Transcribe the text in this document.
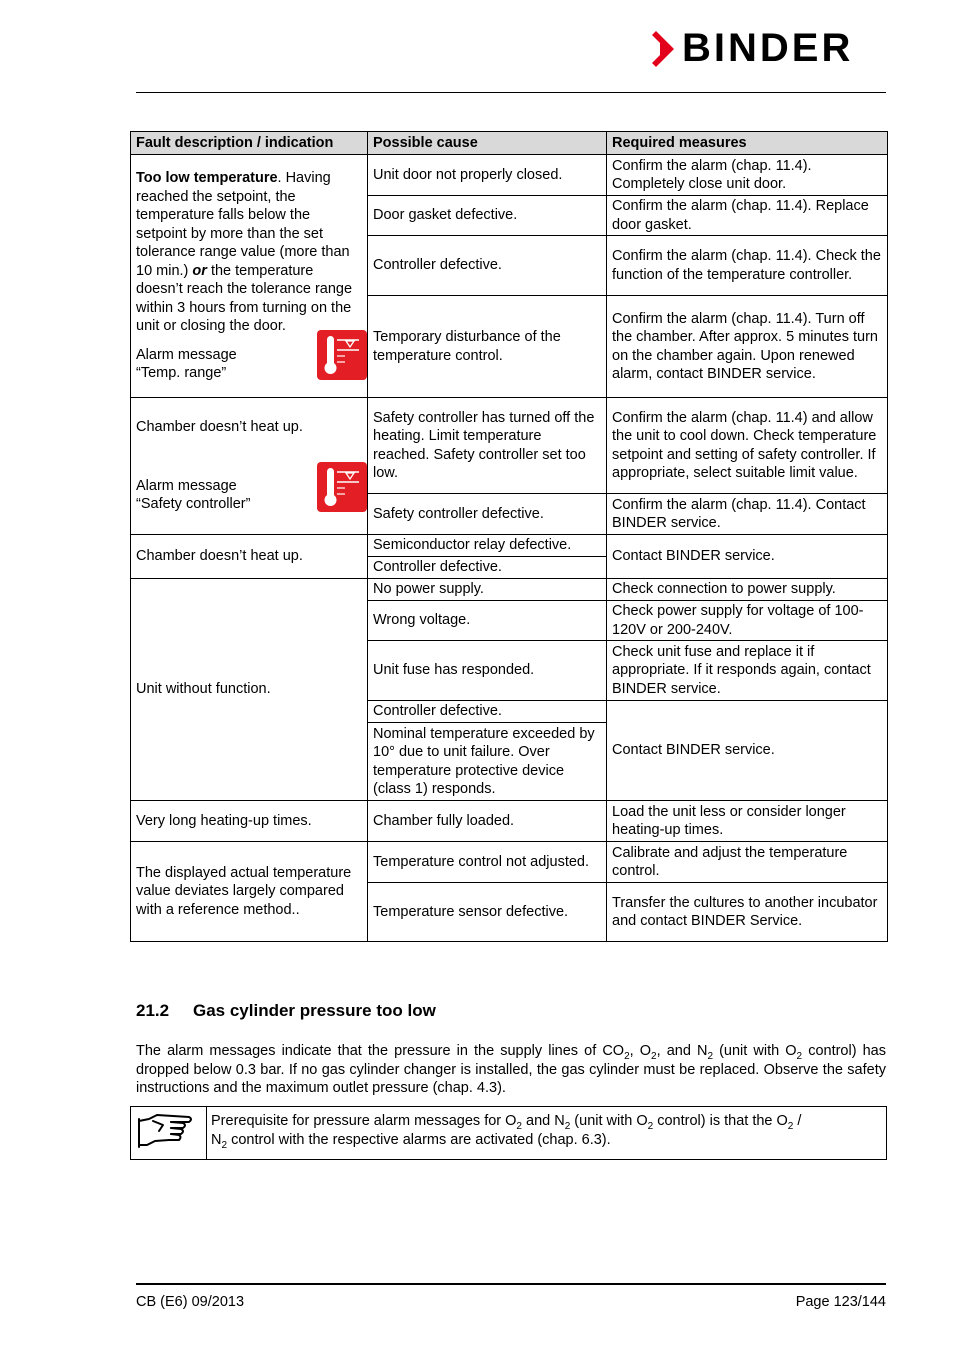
BINDER
Fault description / indication	Possible cause	Required measures

Too low temperature. Having reached the setpoint, the temperature falls below the setpoint by more than the set tolerance range value (more than 10 min.) or the temperature doesn’t reach the tolerance range within 3 hours from turning on the unit or closing the door.
Alarm message
“Temp. range”	Unit door not properly closed.	Confirm the alarm (chap. 11.4). Completely close unit door.
	Door gasket defective.	Confirm the alarm (chap. 11.4). Replace door gasket.
	Controller defective.	Confirm the alarm (chap. 11.4). Check the function of the temperature controller.
	Temporary disturbance of the temperature control.	Confirm the alarm (chap. 11.4). Turn off the chamber. After approx. 5 minutes turn on the chamber again. Upon renewed alarm, contact BINDER service.

Chamber doesn’t heat up.
Alarm message
“Safety controller”	Safety controller has turned off the heating. Limit temperature reached. Safety controller set too low.	Confirm the alarm (chap. 11.4) and allow the unit to cool down. Check temperature setpoint and setting of safety controller. If appropriate, select suitable limit value.
	Safety controller defective.	Confirm the alarm (chap. 11.4). Contact BINDER service.
Chamber doesn’t heat up.	Semiconductor relay defective.	Contact BINDER service.
	Controller defective.	
Unit without function.	No power supply.	Check connection to power supply.
	Wrong voltage.	Check power supply for voltage of 100-120V or 200-240V.
	Unit fuse has responded.	Check unit fuse and replace it if appropriate. If it responds again, contact BINDER service.
	Controller defective.	Contact BINDER service.
	Nominal temperature exceeded by 10° due to unit failure. Over temperature protective device (class 1) responds.	
Very long heating-up times.	Chamber fully loaded.	Load the unit less or consider longer heating-up times.
The displayed actual temperature value deviates largely compared with a reference method..	Temperature control not adjusted.	Calibrate and adjust the temperature control.
	Temperature sensor defective.	Transfer the cultures to another incubator and contact BINDER Service.
21.2 Gas cylinder pressure too low
The alarm messages indicate that the pressure in the supply lines of $CO_2$, $O_2$, and $N_2$ (unit with $O_2$ control) has dropped below 0.3 bar. If no gas cylinder changer is installed, the gas cylinder must be replaced. Observe the safety instructions and the maximum outlet pressure (chap. 4.3).
Prerequisite for pressure alarm messages for $O_2$ and $N_2$ (unit with $O_2$ control) is that the $O_2$ /
$N_2$ control with the respective alarms are activated (chap. 6.3).
CB (E6) 09/2013	Page 123/144
